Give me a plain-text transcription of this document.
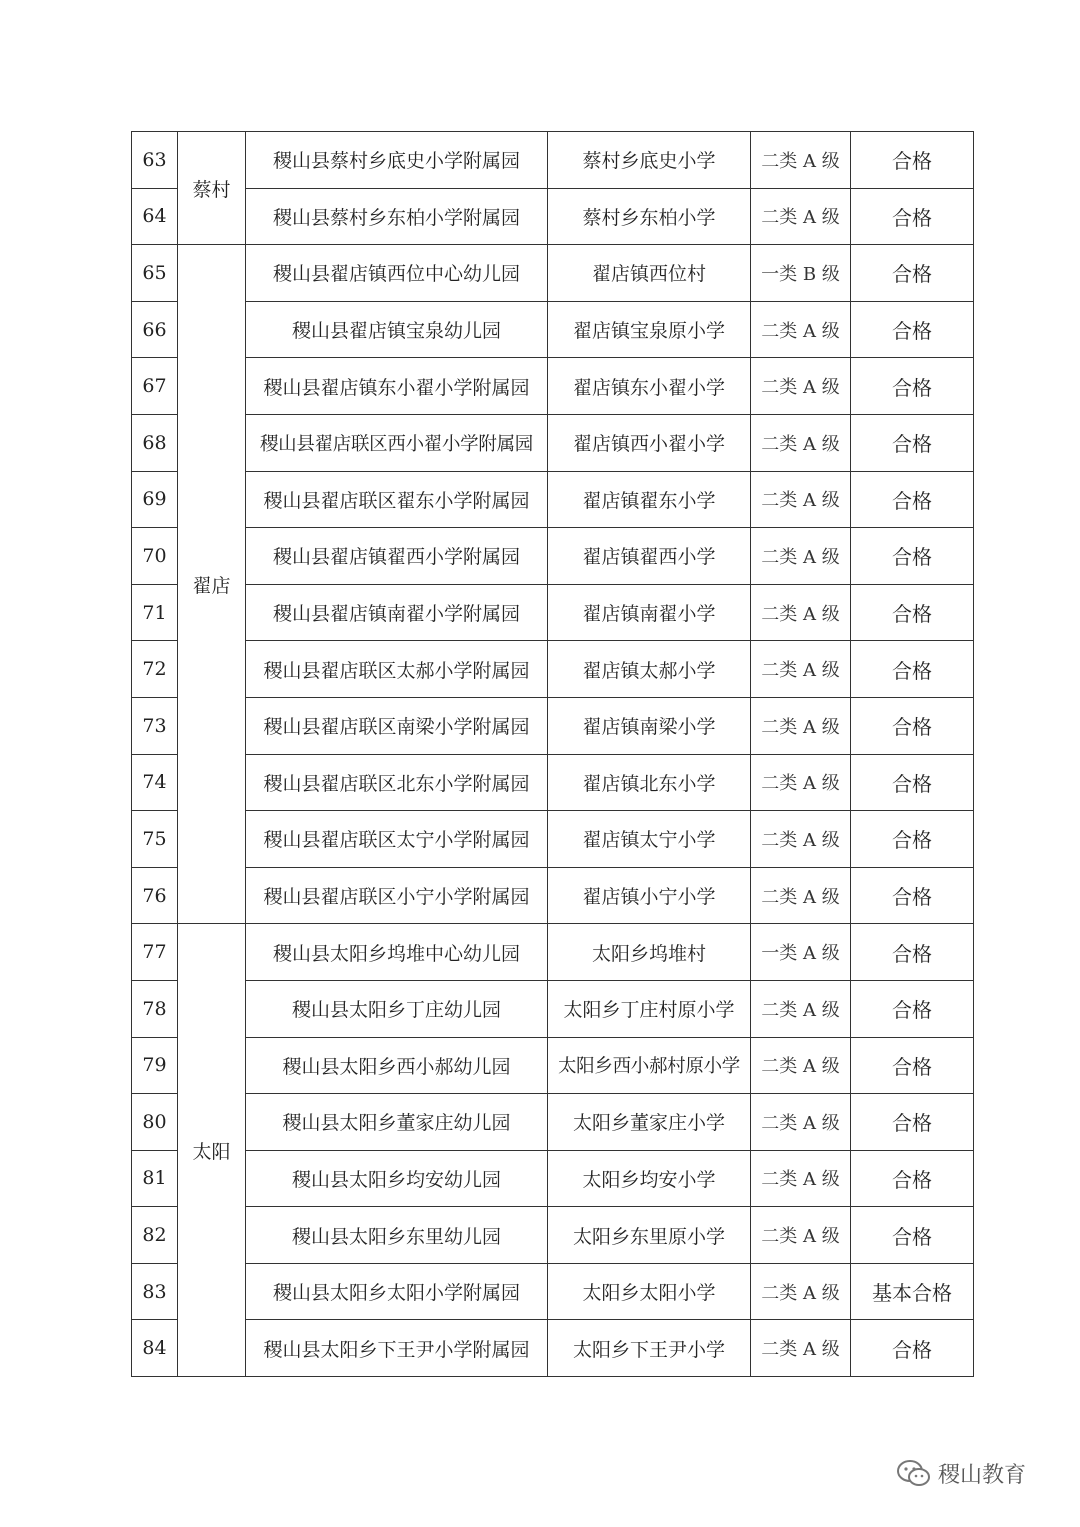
63	蔡村	稷山县蔡村乡底史小学附属园	蔡村乡底史小学	二类 A 级	合格
64		稷山县蔡村乡东柏小学附属园	蔡村乡东柏小学	二类 A 级	合格
65	翟店	稷山县翟店镇西位中心幼儿园	翟店镇西位村	一类 B 级	合格
66		稷山县翟店镇宝泉幼儿园	翟店镇宝泉原小学	二类 A 级	合格
67		稷山县翟店镇东小翟小学附属园	翟店镇东小翟小学	二类 A 级	合格
68		稷山县翟店联区西小翟小学附属园	翟店镇西小翟小学	二类 A 级	合格
69		稷山县翟店联区翟东小学附属园	翟店镇翟东小学	二类 A 级	合格
70		稷山县翟店镇翟西小学附属园	翟店镇翟西小学	二类 A 级	合格
71		稷山县翟店镇南翟小学附属园	翟店镇南翟小学	二类 A 级	合格
72		稷山县翟店联区太郝小学附属园	翟店镇太郝小学	二类 A 级	合格
73		稷山县翟店联区南梁小学附属园	翟店镇南梁小学	二类 A 级	合格
74		稷山县翟店联区北东小学附属园	翟店镇北东小学	二类 A 级	合格
75		稷山县翟店联区太宁小学附属园	翟店镇太宁小学	二类 A 级	合格
76		稷山县翟店联区小宁小学附属园	翟店镇小宁小学	二类 A 级	合格
77	太阳	稷山县太阳乡坞堆中心幼儿园	太阳乡坞堆村	一类 A 级	合格
78		稷山县太阳乡丁庄幼儿园	太阳乡丁庄村原小学	二类 A 级	合格
79		稷山县太阳乡西小郝幼儿园	太阳乡西小郝村原小学	二类 A 级	合格
80		稷山县太阳乡董家庄幼儿园	太阳乡董家庄小学	二类 A 级	合格
81		稷山县太阳乡均安幼儿园	太阳乡均安小学	二类 A 级	合格
82		稷山县太阳乡东里幼儿园	太阳乡东里原小学	二类 A 级	合格
83		稷山县太阳乡太阳小学附属园	太阳乡太阳小学	二类 A 级	基本合格
84		稷山县太阳乡下王尹小学附属园	太阳乡下王尹小学	二类 A 级	合格
稷山教育
